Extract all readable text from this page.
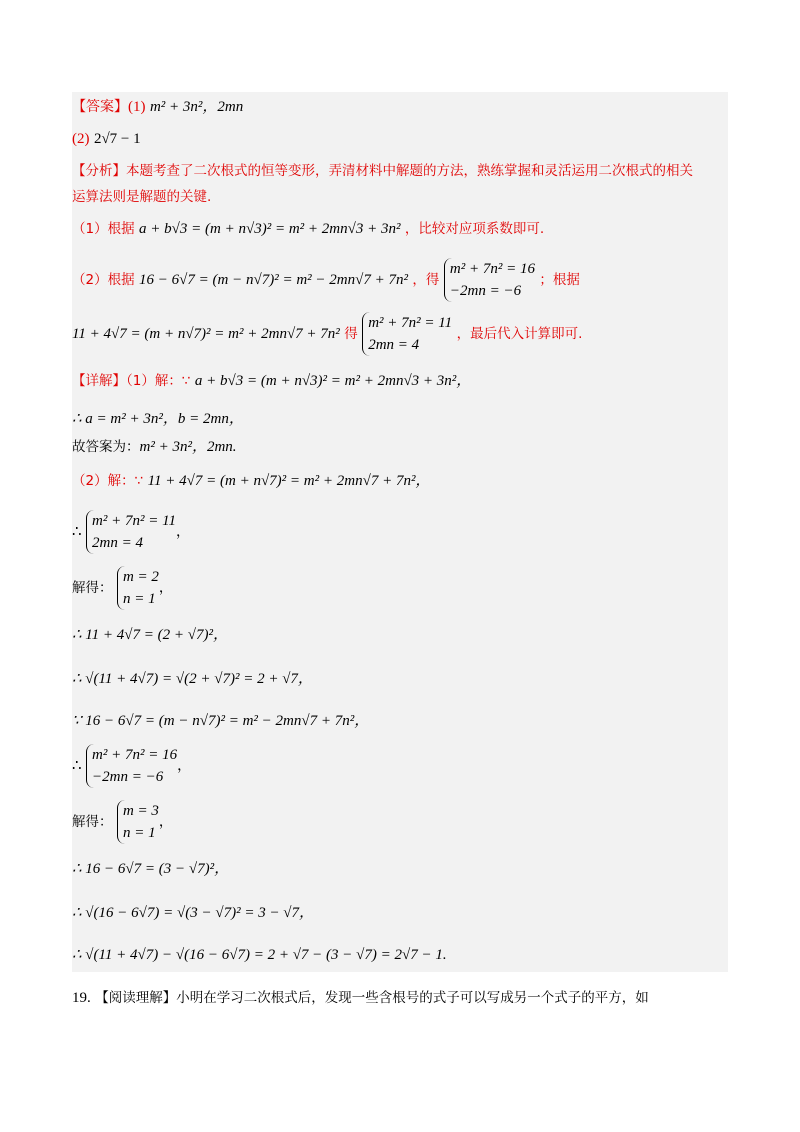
【答案】(1) m² + 3n²，2mn
(2) 2√7 − 1
【分析】本题考查了二次根式的恒等变形，弄清材料中解题的方法，熟练掌握和灵活运用二次根式的相关
运算法则是解题的关键.
（1）根据 a + b√3 = (m + n√3)² = m² + 2mn√3 + 3n² ，比较对应项系数即可.
（2）根据 16 − 6√7 = (m − n√7)² = m² − 2mn√7 + 7n² ，得
m² + 7n² = 16
−2mn = −6
；根据
11 + 4√7 = (m + n√7)² = m² + 2mn√7 + 7n² 得
m² + 7n² = 11
2mn = 4
，最后代入计算即可.
【详解】（1）解：∵ a + b√3 = (m + n√3)² = m² + 2mn√3 + 3n²，
∴ a = m² + 3n²，b = 2mn，
故答案为：m² + 3n²，2mn.
（2）解：∵ 11 + 4√7 = (m + n√7)² = m² + 2mn√7 + 7n²，
∴
m² + 7n² = 11
2mn = 4
，
解得：
m = 2
n = 1
，
∴ 11 + 4√7 = (2 + √7)²，
∴ √(11 + 4√7) = √(2 + √7)² = 2 + √7，
∵ 16 − 6√7 = (m − n√7)² = m² − 2mn√7 + 7n²，
∴
m² + 7n² = 16
−2mn = −6
，
解得：
m = 3
n = 1
，
∴ 16 − 6√7 = (3 − √7)²，
∴ √(16 − 6√7) = √(3 − √7)² = 3 − √7，
∴ √(11 + 4√7) − √(16 − 6√7) = 2 + √7 − (3 − √7) = 2√7 − 1.
19. 【阅读理解】小明在学习二次根式后，发现一些含根号的式子可以写成另一个式子的平方，如
